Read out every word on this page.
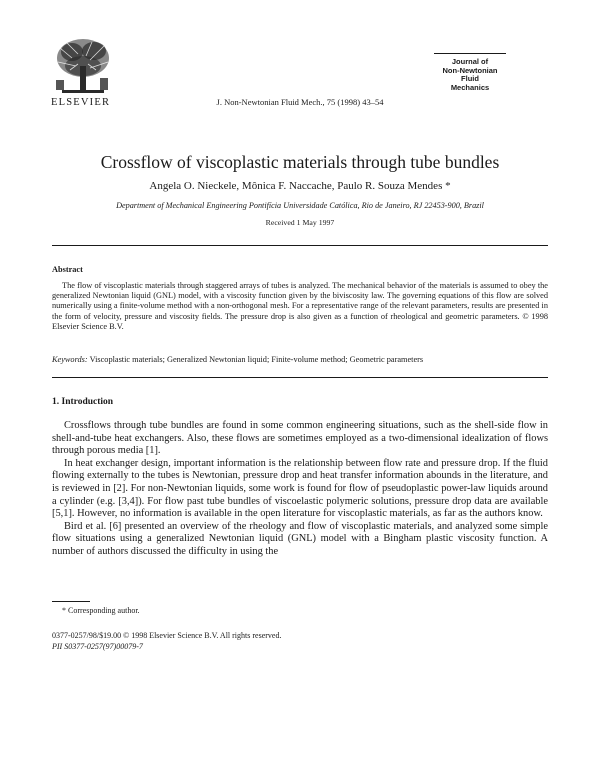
ELSEVIER	J. Non-Newtonian Fluid Mech., 75 (1998) 43–54
Journal of
Non-Newtonian
Fluid
Mechanics
Crossflow of viscoplastic materials through tube bundles
Angela O. Nieckele, Mônica F. Naccache, Paulo R. Souza Mendes *
Department of Mechanical Engineering Pontifícia Universidade Católica, Rio de Janeiro, RJ 22453-900, Brazil
Received 1 May 1997
Abstract
The flow of viscoplastic materials through staggered arrays of tubes is analyzed. The mechanical behavior of the materials is assumed to obey the generalized Newtonian liquid (GNL) model, with a viscosity function given by the biviscosity law. The governing equations of this flow are solved numerically using a finite-volume method with a non-orthogonal mesh. For a representative range of the relevant parameters, results are presented in the form of velocity, pressure and viscosity fields. The pressure drop is also given as a function of rheological and geometric parameters. © 1998 Elsevier Science B.V.
Keywords: Viscoplastic materials; Generalized Newtonian liquid; Finite-volume method; Geometric parameters
1. Introduction

Crossflows through tube bundles are found in some common engineering situations, such as the shell-side flow in shell-and-tube heat exchangers. Also, these flows are sometimes employed as a two-dimensional idealization of flows through porous media [1].

In heat exchanger design, important information is the relationship between flow rate and pressure drop. If the fluid flowing externally to the tubes is Newtonian, pressure drop and heat transfer information abounds in the literature, and is reviewed in [2]. For non-Newtonian liquids, some work is found for flow of pseudoplastic power-law liquids around a cylinder (e.g. [3,4]). For flow past tube bundles of viscoelastic polymeric solutions, pressure drop data are available [5,1]. However, no information is available in the open literature for viscoplastic materials, as far as the authors know.

Bird et al. [6] presented an overview of the rheology and flow of viscoplastic materials, and analyzed some simple flow situations using a generalized Newtonian liquid (GNL) model with a Bingham plastic viscosity function. A number of authors discussed the difficulty in using the

* Corresponding author.
0377-0257/98/$19.00 © 1998 Elsevier Science B.V. All rights reserved.
PII S0377-0257(97)00079-7
